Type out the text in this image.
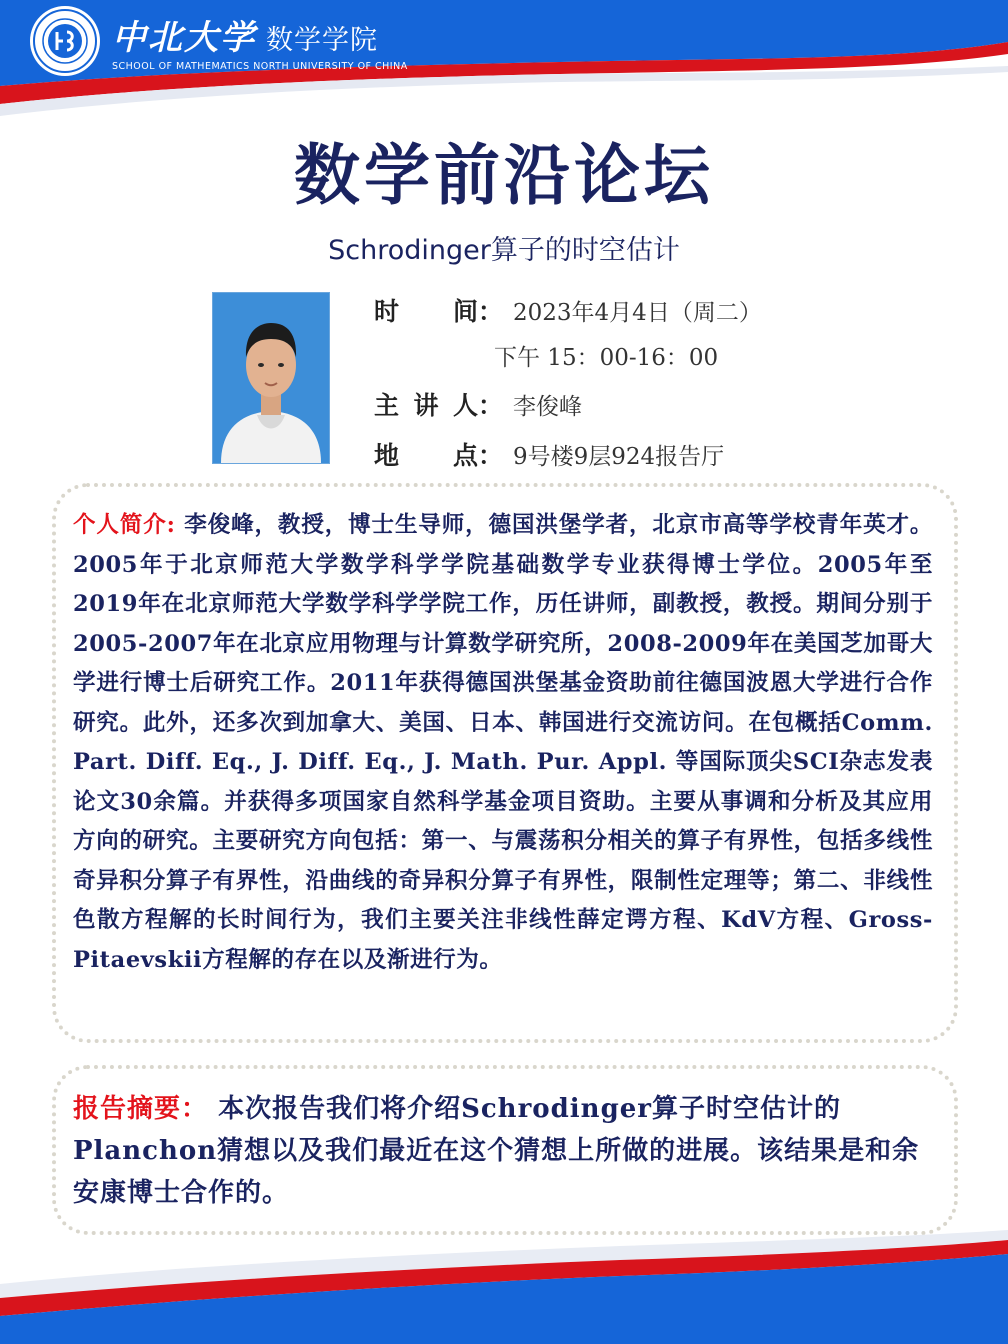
中北大学 数学学院
SCHOOL OF MATHEMATICS NORTH UNIVERSITY OF CHINA
数学前沿论坛
Schrodinger算子的时空估计
时 间 ： 2023年4月4日（周二）
下午 15：00-16：00
主 讲 人 ： 李俊峰
地 点 ： 9号楼9层924报告厅
个人简介: 李俊峰，教授，博士生导师，德国洪堡学者，北京市高等学校青年英才。2005年于北京师范大学数学科学学院基础数学专业获得博士学位。2005年至2019年在北京师范大学数学科学学院工作，历任讲师，副教授，教授。期间分别于2005-2007年在北京应用物理与计算数学研究所，2008-2009年在美国芝加哥大学进行博士后研究工作。2011年获得德国洪堡基金资助前往德国波恩大学进行合作研究。此外，还多次到加拿大、美国、日本、韩国进行交流访问。在包概括Comm. Part. Diff. Eq., J. Diff. Eq., J. Math. Pur. Appl. 等国际顶尖SCI杂志发表论文30余篇。并获得多项国家自然科学基金项目资助。主要从事调和分析及其应用方向的研究。主要研究方向包括：第一、与震荡积分相关的算子有界性，包括多线性奇异积分算子有界性，沿曲线的奇异积分算子有界性，限制性定理等；第二、非线性色散方程解的长时间行为，我们主要关注非线性薛定谔方程、KdV方程、Gross-Pitaevskii方程解的存在以及渐进行为。
报告摘要： 本次报告我们将介绍Schrodinger算子时空估计的Planchon猜想以及我们最近在这个猜想上所做的进展。该结果是和余安康博士合作的。
